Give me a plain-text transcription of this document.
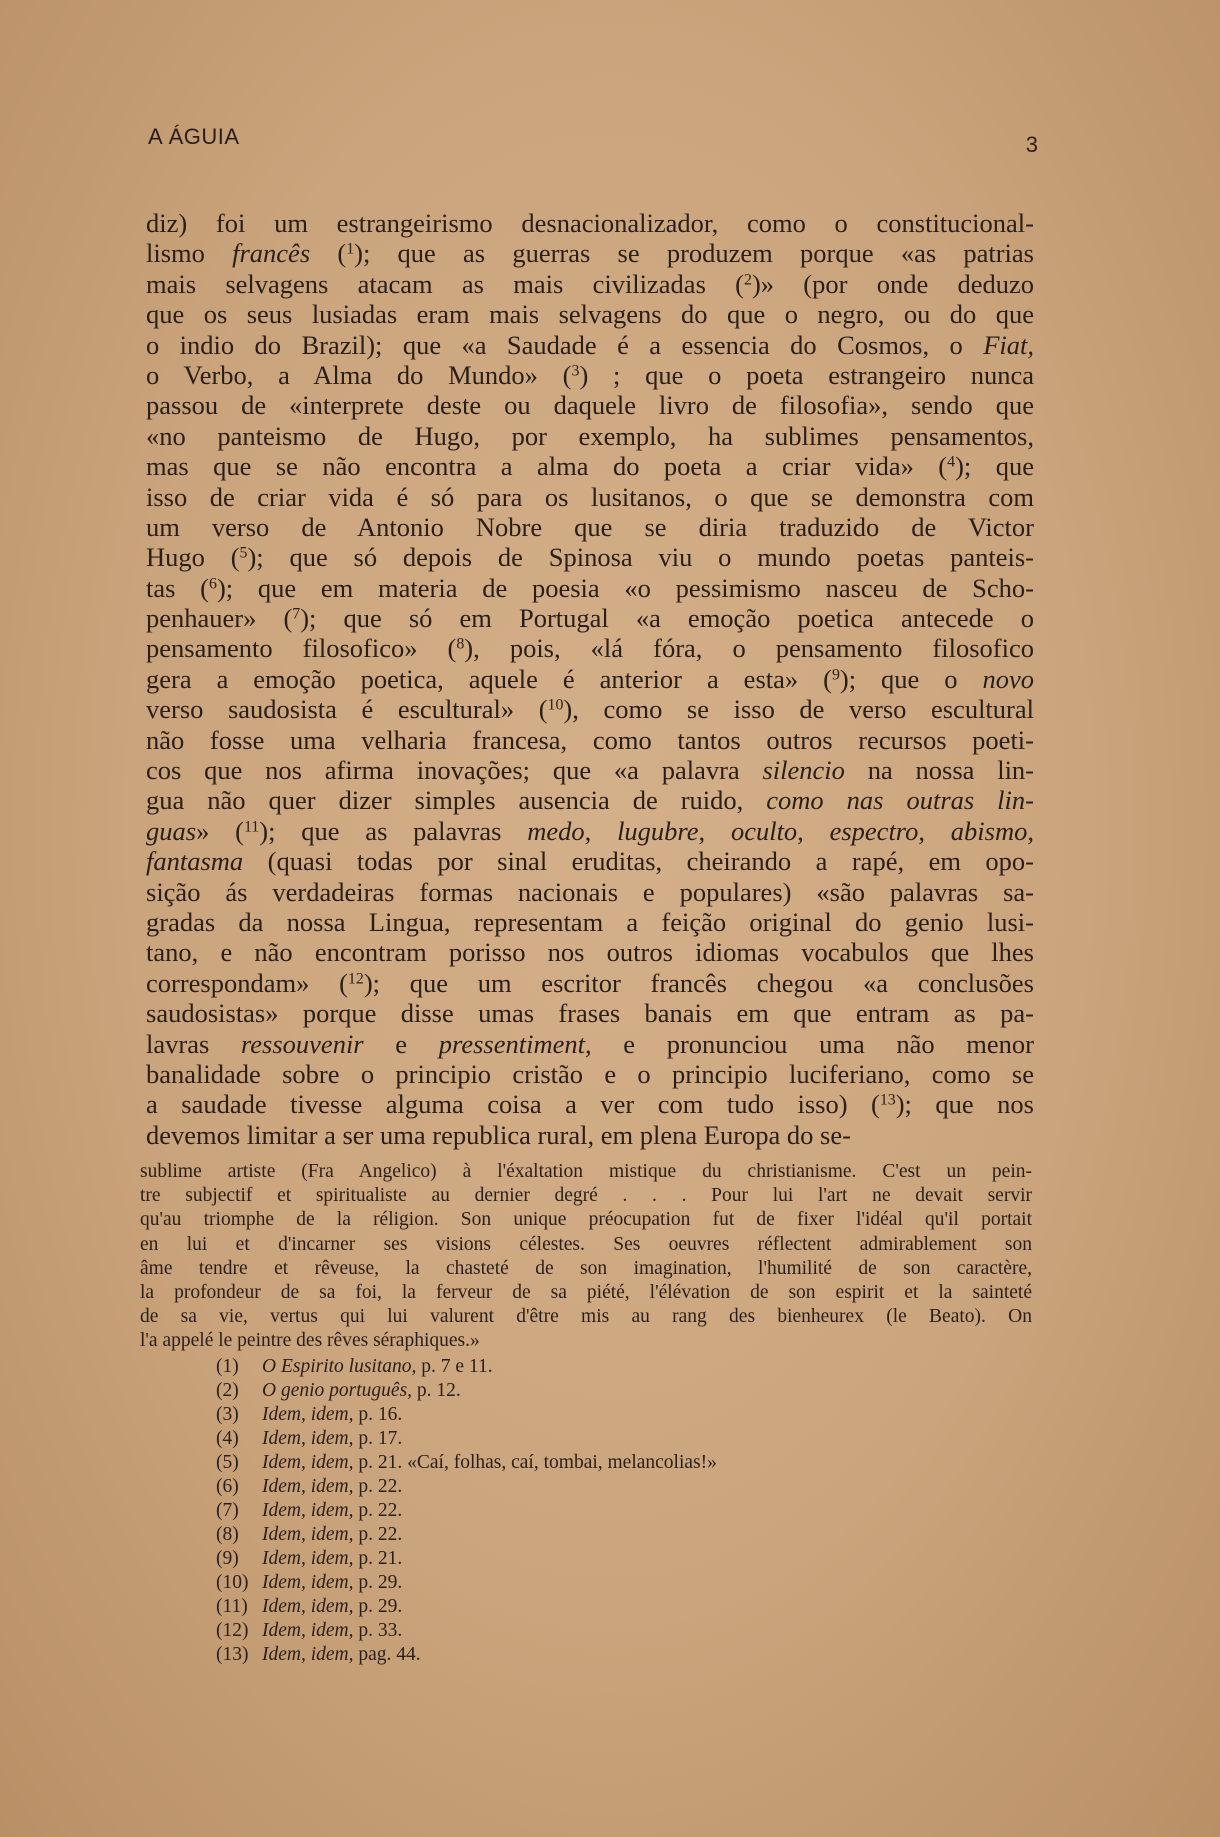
A ÁGUIA	3
diz) foi um estrangeirismo desnacionalizador, como o constitucional-
lismo francês ($^1$); que as guerras se produzem porque «as patrias
mais selvagens atacam as mais civilizadas ($^2$)» (por onde deduzo
que os seus lusiadas eram mais selvagens do que o negro, ou do que
o indio do Brazil); que «a Saudade é a essencia do Cosmos, o Fiat,
o Verbo, a Alma do Mundo» ($^3$) ; que o poeta estrangeiro nunca
passou de «interprete deste ou daquele livro de filosofia», sendo que
«no panteismo de Hugo, por exemplo, ha sublimes pensamentos,
mas que se não encontra a alma do poeta a criar vida» ($^4$); que
isso de criar vida é só para os lusitanos, o que se demonstra com
um verso de Antonio Nobre que se diria traduzido de Victor
Hugo ($^5$); que só depois de Spinosa viu o mundo poetas panteis-
tas ($^6$); que em materia de poesia «o pessimismo nasceu de Scho-
penhauer» ($^7$); que só em Portugal «a emoção poetica antecede o
pensamento filosofico» ($^8$), pois, «lá fóra, o pensamento filosofico
gera a emoção poetica, aquele é anterior a esta» ($^9$); que o novo
verso saudosista é escultural» ($^{10}$), como se isso de verso escultural
não fosse uma velharia francesa, como tantos outros recursos poeti-
cos que nos afirma inovações; que «a palavra silencio na nossa lin-
gua não quer dizer simples ausencia de ruido, como nas outras lin-
guas» ($^{11}$); que as palavras medo, lugubre, oculto, espectro, abismo,
fantasma (quasi todas por sinal eruditas, cheirando a rapé, em opo-
sição ás verdadeiras formas nacionais e populares) «são palavras sa-
gradas da nossa Lingua, representam a feição original do genio lusi-
tano, e não encontram porisso nos outros idiomas vocabulos que lhes
correspondam» ($^{12}$); que um escritor francês chegou «a conclusões
saudosistas» porque disse umas frases banais em que entram as pa-
lavras ressouvenir e pressentiment, e pronunciou uma não menor
banalidade sobre o principio cristão e o principio luciferiano, como se
a saudade tivesse alguma coisa a ver com tudo isso) ($^{13}$); que nos
devemos limitar a ser uma republica rural, em plena Europa do se-
sublime artiste (Fra Angelico) à l'éxaltation mistique du christianisme. C'est un pein-
tre subjectif et spiritualiste au dernier degré . . . Pour lui l'art ne devait servir
qu'au triomphe de la réligion. Son unique préocupation fut de fixer l'idéal qu'il portait
en lui et d'incarner ses visions célestes. Ses oeuvres réflectent admirablement son
âme tendre et rêveuse, la chasteté de son imagination, l'humilité de son caractère,
la profondeur de sa foi, la ferveur de sa piété, l'élévation de son espirit et la sainteté
de sa vie, vertus qui lui valurent d'être mis au rang des bienheurex (le Beato). On
l'a appelé le peintre des rêves séraphiques.»
(1) O Espirito lusitano, p. 7 e 11.
(2) O genio português, p. 12.
(3) Idem, idem, p. 16.
(4) Idem, idem, p. 17.
(5) Idem, idem, p. 21. «Caí, folhas, caí, tombai, melancolias!»
(6) Idem, idem, p. 22.
(7) Idem, idem, p. 22.
(8) Idem, idem, p. 22.
(9) Idem, idem, p. 21.
(10) Idem, idem, p. 29.
(11) Idem, idem, p. 29.
(12) Idem, idem, p. 33.
(13) Idem, idem, pag. 44.
